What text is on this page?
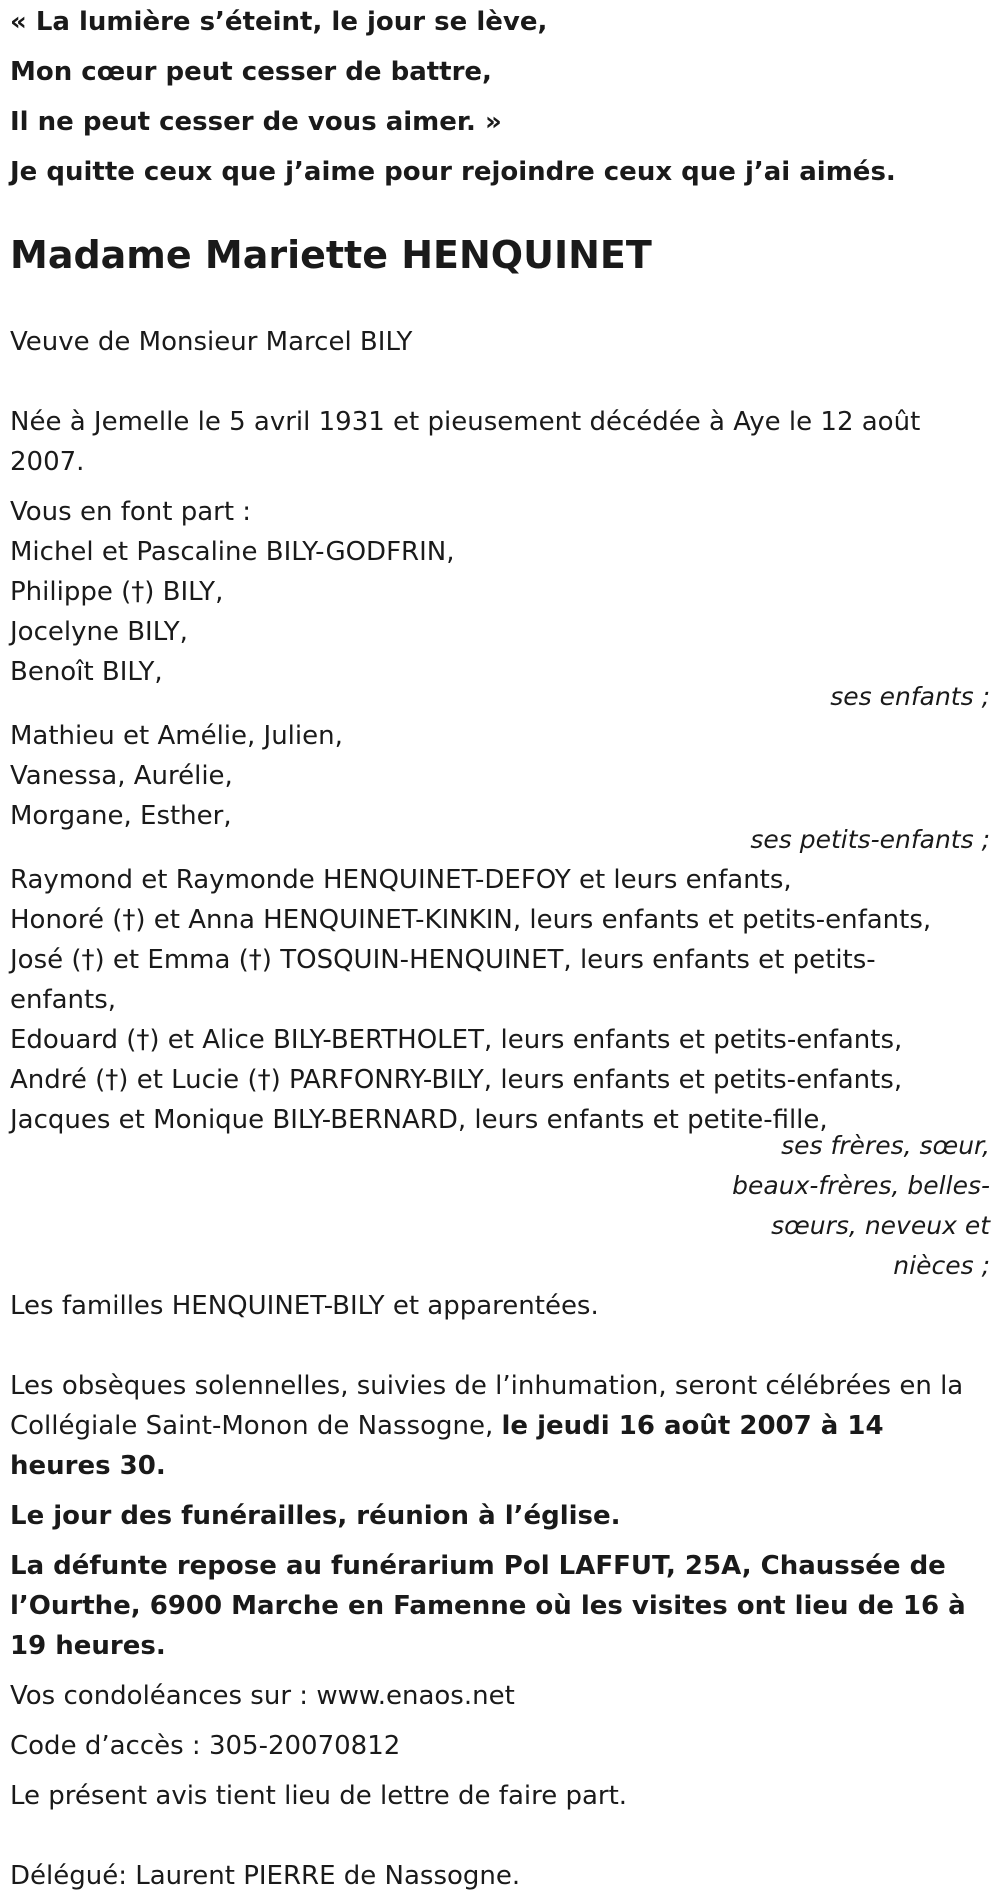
« La lumière s’éteint, le jour se lève,
Mon cœur peut cesser de battre,
Il ne peut cesser de vous aimer. »
Je quitte ceux que j’aime pour rejoindre ceux que j’ai aimés.
Madame Mariette HENQUINET
Veuve de Monsieur Marcel BILY
Née à Jemelle le 5 avril 1931 et pieusement décédée à Aye le 12 août 2007.
Vous en font part :
Michel et Pascaline BILY-GODFRIN,
Philippe (†) BILY,
Jocelyne BILY,
Benoît BILY,
ses enfants ;
Mathieu et Amélie, Julien,
Vanessa, Aurélie,
Morgane, Esther,
ses petits-enfants ;
Raymond et Raymonde HENQUINET-DEFOY et leurs enfants,
Honoré (†) et Anna HENQUINET-KINKIN, leurs enfants et petits-enfants,
José (†) et Emma (†) TOSQUIN-HENQUINET, leurs enfants et petits-enfants,
Edouard (†) et Alice BILY-BERTHOLET, leurs enfants et petits-enfants,
André (†) et Lucie (†) PARFONRY-BILY, leurs enfants et petits-enfants,
Jacques et Monique BILY-BERNARD, leurs enfants et petite-fille,
ses frères, sœur,
beaux-frères, belles-
sœurs, neveux et
nièces ;
Les familles HENQUINET-BILY et apparentées.
Les obsèques solennelles, suivies de l’inhumation, seront célébrées en la Collégiale Saint-Monon de Nassogne, le jeudi 16 août 2007 à 14 heures 30.
Le jour des funérailles, réunion à l’église.
La défunte repose au funérarium Pol LAFFUT, 25A, Chaussée de l’Ourthe, 6900 Marche en Famenne où les visites ont lieu de 16 à 19 heures.
Vos condoléances sur : www.enaos.net
Code d’accès : 305-20070812
Le présent avis tient lieu de lettre de faire part.
Délégué: Laurent PIERRE de Nassogne.
